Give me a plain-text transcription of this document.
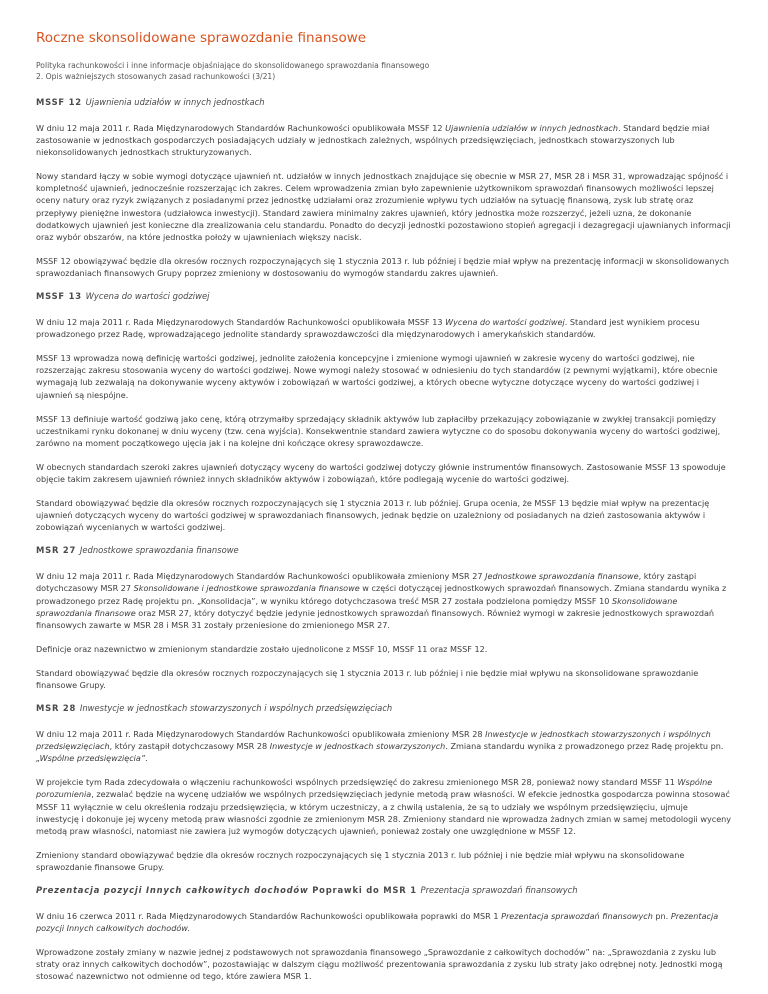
Roczne skonsolidowane sprawozdanie finansowe

Polityka rachunkowości i inne informacje objaśniające do skonsolidowanego sprawozdania finansowego

2. Opis ważniejszych stosowanych zasad rachunkowości (3/21)

MSSF 12 Ujawnienia udziałów w innych jednostkach

W dniu 12 maja 2011 r. Rada Międzynarodowych Standardów Rachunkowości opublikowała MSSF 12 Ujawnienia udziałów w innych jednostkach. Standard będzie miał zastosowanie w jednostkach gospodarczych posiadających udziały w jednostkach zależnych, wspólnych przedsięwzięciach, jednostkach stowarzyszonych lub niekonsolidowanych jednostkach strukturyzowanych.

Nowy standard łączy w sobie wymogi dotyczące ujawnień nt. udziałów w innych jednostkach znajdujące się obecnie w MSR 27, MSR 28 i MSR 31, wprowadzając spójność i kompletność ujawnień, jednocześnie rozszerzając ich zakres. Celem wprowadzenia zmian było zapewnienie użytkownikom sprawozdań finansowych możliwości lepszej oceny natury oraz ryzyk związanych z posiadanymi przez jednostkę udziałami oraz zrozumienie wpływu tych udziałów na sytuację finansową, zysk lub stratę oraz przepływy pieniężne inwestora (udziałowca inwestycji). Standard zawiera minimalny zakres ujawnień, który jednostka może rozszerzyć, jeżeli uzna, że dokonanie dodatkowych ujawnień jest konieczne dla zrealizowania celu standardu. Ponadto do decyzji jednostki pozostawiono stopień agregacji i dezagregacji ujawnianych informacji oraz wybór obszarów, na które jednostka położy w ujawnieniach większy nacisk.

MSSF 12 obowiązywać będzie dla okresów rocznych rozpoczynających się 1 stycznia 2013 r. lub później i będzie miał wpływ na prezentację informacji w skonsolidowanych sprawozdaniach finansowych Grupy poprzez zmieniony w dostosowaniu do wymogów standardu zakres ujawnień.

MSSF 13 Wycena do wartości godziwej

W dniu 12 maja 2011 r. Rada Międzynarodowych Standardów Rachunkowości opublikowała MSSF 13 Wycena do wartości godziwej. Standard jest wynikiem procesu prowadzonego przez Radę, wprowadzającego jednolite standardy sprawozdawczości dla międzynarodowych i amerykańskich standardów.

MSSF 13 wprowadza nową definicję wartości godziwej, jednolite założenia koncepcyjne i zmienione wymogi ujawnień w zakresie wyceny do wartości godziwej, nie rozszerzając zakresu stosowania wyceny do wartości godziwej. Nowe wymogi należy stosować w odniesieniu do tych standardów (z pewnymi wyjątkami), które obecnie wymagają lub zezwalają na dokonywanie wyceny aktywów i zobowiązań w wartości godziwej, a których obecne wytyczne dotyczące wyceny do wartości godziwej i ujawnień są niespójne.

MSSF 13 definiuje wartość godziwą jako cenę, którą otrzymałby sprzedający składnik aktywów lub zapłaciłby przekazujący zobowiązanie w zwykłej transakcji pomiędzy uczestnikami rynku dokonanej w dniu wyceny (tzw. cena wyjścia). Konsekwentnie standard zawiera wytyczne co do sposobu dokonywania wyceny do wartości godziwej, zarówno na moment początkowego ujęcia jak i na kolejne dni kończące okresy sprawozdawcze.

W obecnych standardach szeroki zakres ujawnień dotyczący wyceny do wartości godziwej dotyczy głównie instrumentów finansowych. Zastosowanie MSSF 13 spowoduje objęcie takim zakresem ujawnień również innych składników aktywów i zobowiązań, które podlegają wycenie do wartości godziwej.

Standard obowiązywać będzie dla okresów rocznych rozpoczynających się 1 stycznia 2013 r. lub później. Grupa ocenia, że MSSF 13 będzie miał wpływ na prezentację ujawnień dotyczących wyceny do wartości godziwej w sprawozdaniach finansowych, jednak będzie on uzależniony od posiadanych na dzień zastosowania aktywów i zobowiązań wycenianych w wartości godziwej.

MSR 27 Jednostkowe sprawozdania finansowe

W dniu 12 maja 2011 r. Rada Międzynarodowych Standardów Rachunkowości opublikowała zmieniony MSR 27 Jednostkowe sprawozdania finansowe, który zastąpi dotychczasowy MSR 27 Skonsolidowane i jednostkowe sprawozdania finansowe w części dotyczącej jednostkowych sprawozdań finansowych. Zmiana standardu wynika z prowadzonego przez Radę projektu pn. „Konsolidacja”, w wyniku którego dotychczasowa treść MSR 27 została podzielona pomiędzy MSSF 10 Skonsolidowane sprawozdania finansowe oraz MSR 27, który dotyczyć będzie jedynie jednostkowych sprawozdań finansowych. Również wymogi w zakresie jednostkowych sprawozdań finansowych zawarte w MSR 28 i MSR 31 zostały przeniesione do zmienionego MSR 27.

Definicje oraz nazewnictwo w zmienionym standardzie zostało ujednolicone z MSSF 10, MSSF 11 oraz MSSF 12.

Standard obowiązywać będzie dla okresów rocznych rozpoczynających się 1 stycznia 2013 r. lub później i nie będzie miał wpływu na skonsolidowane sprawozdanie finansowe Grupy.

MSR 28 Inwestycje w jednostkach stowarzyszonych i wspólnych przedsięwzięciach

W dniu 12 maja 2011 r. Rada Międzynarodowych Standardów Rachunkowości opublikowała zmieniony MSR 28 Inwestycje w jednostkach stowarzyszonych i wspólnych przedsięwzięciach, który zastąpił dotychczasowy MSR 28 Inwestycje w jednostkach stowarzyszonych. Zmiana standardu wynika z prowadzonego przez Radę projektu pn. „Wspólne przedsięwzięcia”.

W projekcie tym Rada zdecydowała o włączeniu rachunkowości wspólnych przedsięwzięć do zakresu zmienionego MSR 28, ponieważ nowy standard MSSF 11 Wspólne porozumienia, zezwalać będzie na wycenę udziałów we wspólnych przedsięwzięciach jedynie metodą praw własności. W efekcie jednostka gospodarcza powinna stosować MSSF 11 wyłącznie w celu określenia rodzaju przedsięwzięcia, w którym uczestniczy, a z chwilą ustalenia, że są to udziały we wspólnym przedsięwzięciu, ujmuje inwestycję i dokonuje jej wyceny metodą praw własności zgodnie ze zmienionym MSR 28. Zmieniony standard nie wprowadza żadnych zmian w samej metodologii wyceny metodą praw własności, natomiast nie zawiera już wymogów dotyczących ujawnień, ponieważ zostały one uwzględnione w MSSF 12.

Zmieniony standard obowiązywać będzie dla okresów rocznych rozpoczynających się 1 stycznia 2013 r. lub później i nie będzie miał wpływu na skonsolidowane sprawozdanie finansowe Grupy.

Prezentacja pozycji Innych całkowitych dochodów Poprawki do MSR 1 Prezentacja sprawozdań finansowych

W dniu 16 czerwca 2011 r. Rada Międzynarodowych Standardów Rachunkowości opublikowała poprawki do MSR 1 Prezentacja sprawozdań finansowych pn. Prezentacja pozycji Innych całkowitych dochodów.

Wprowadzone zostały zmiany w nazwie jednej z podstawowych not sprawozdania finansowego „Sprawozdanie z całkowitych dochodów” na: „Sprawozdania z zysku lub straty oraz innych całkowitych dochodów”, pozostawiając w dalszym ciągu możliwość prezentowania sprawozdania z zysku lub straty jako odrębnej noty. Jednostki mogą stosować nazewnictwo not odmienne od tego, które zawiera MSR 1.
